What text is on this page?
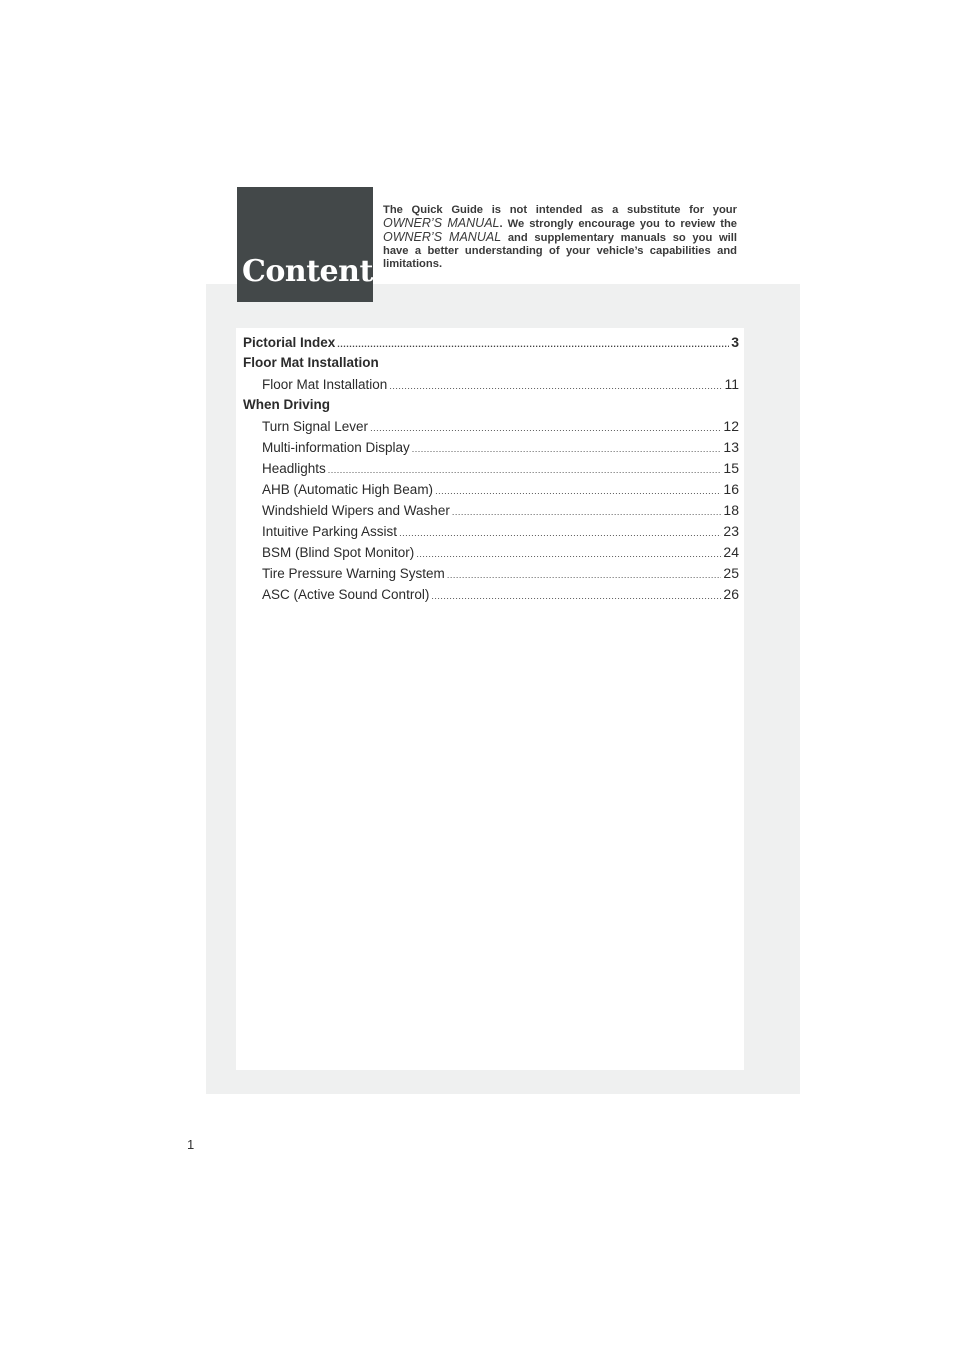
Contents
The Quick Guide is not intended as a substitute for your OWNER’S MANUAL. We strongly encourage you to review the OWNER’S MANUAL and supplementary manuals so you will have a better understanding of your vehicle’s capabilities and limitations.
Pictorial Index .....	3
Floor Mat Installation
Floor Mat Installation .....	11
When Driving
Turn Signal Lever .....	12
Multi-information Display .....	13
Headlights .....	15
AHB (Automatic High Beam) .....	16
Windshield Wipers and Washer .....	18
Intuitive Parking Assist .....	23
BSM (Blind Spot Monitor) .....	24
Tire Pressure Warning System .....	25
ASC (Active Sound Control) .....	26
1
